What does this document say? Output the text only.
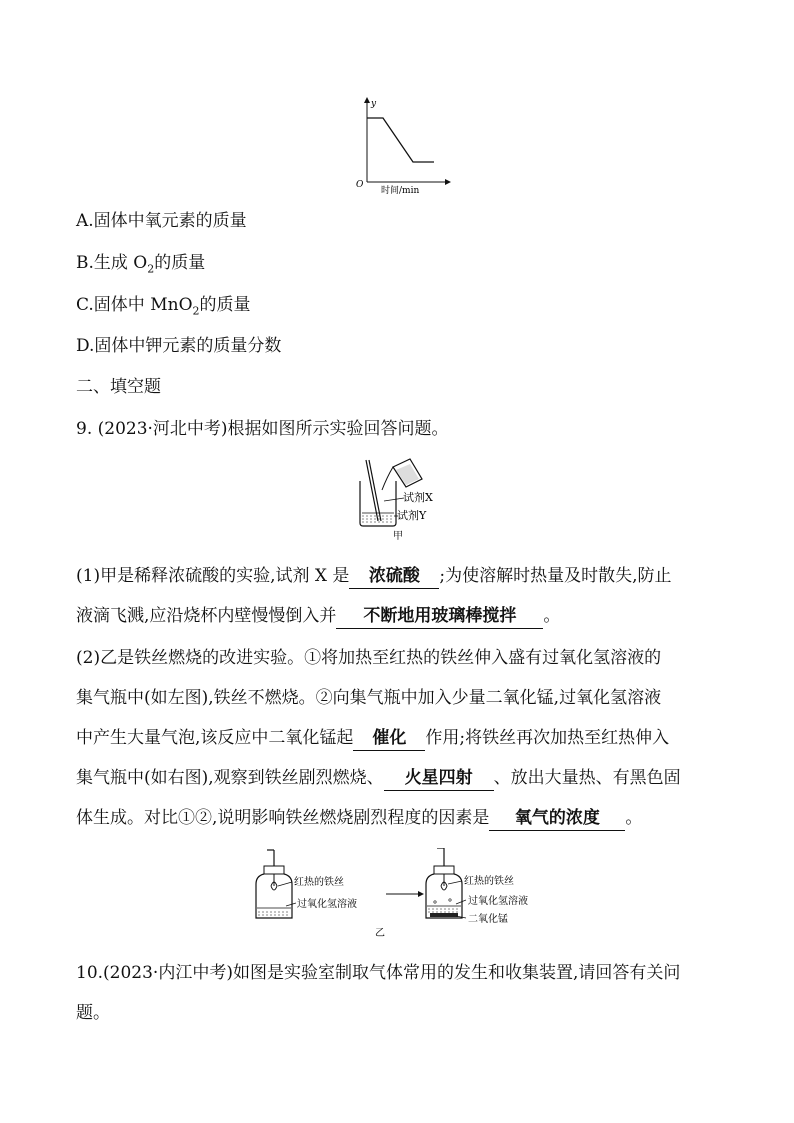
y
O
时间/min
A.固体中氧元素的质量
B.生成 $O_2$的质量
C.固体中 MnO$_2$的质量
D.固体中钾元素的质量分数
二、填空题
9. (2023·河北中考)根据如图所示实验回答问题。
试剂X
试剂Y
甲
(1)甲是稀释浓硫酸的实验,试剂 X 是 浓硫酸 ;为使溶解时热量及时散失,防止
液滴飞溅,应沿烧杯内壁慢慢倒入并 不断地用玻璃棒搅拌 。
(2)乙是铁丝燃烧的改进实验。①将加热至红热的铁丝伸入盛有过氧化氢溶液的
集气瓶中(如左图),铁丝不燃烧。②向集气瓶中加入少量二氧化锰,过氧化氢溶液
中产生大量气泡,该反应中二氧化锰起 催化 作用;将铁丝再次加热至红热伸入
集气瓶中(如右图),观察到铁丝剧烈燃烧、 火星四射 、放出大量热、有黑色固
体生成。对比①②,说明影响铁丝燃烧剧烈程度的因素是 氧气的浓度 。
红热的铁丝
过氧化氢溶液
红热的铁丝
过氧化氢溶液
二氧化锰
乙
10.(2023·内江中考)如图是实验室制取气体常用的发生和收集装置,请回答有关问
题。
